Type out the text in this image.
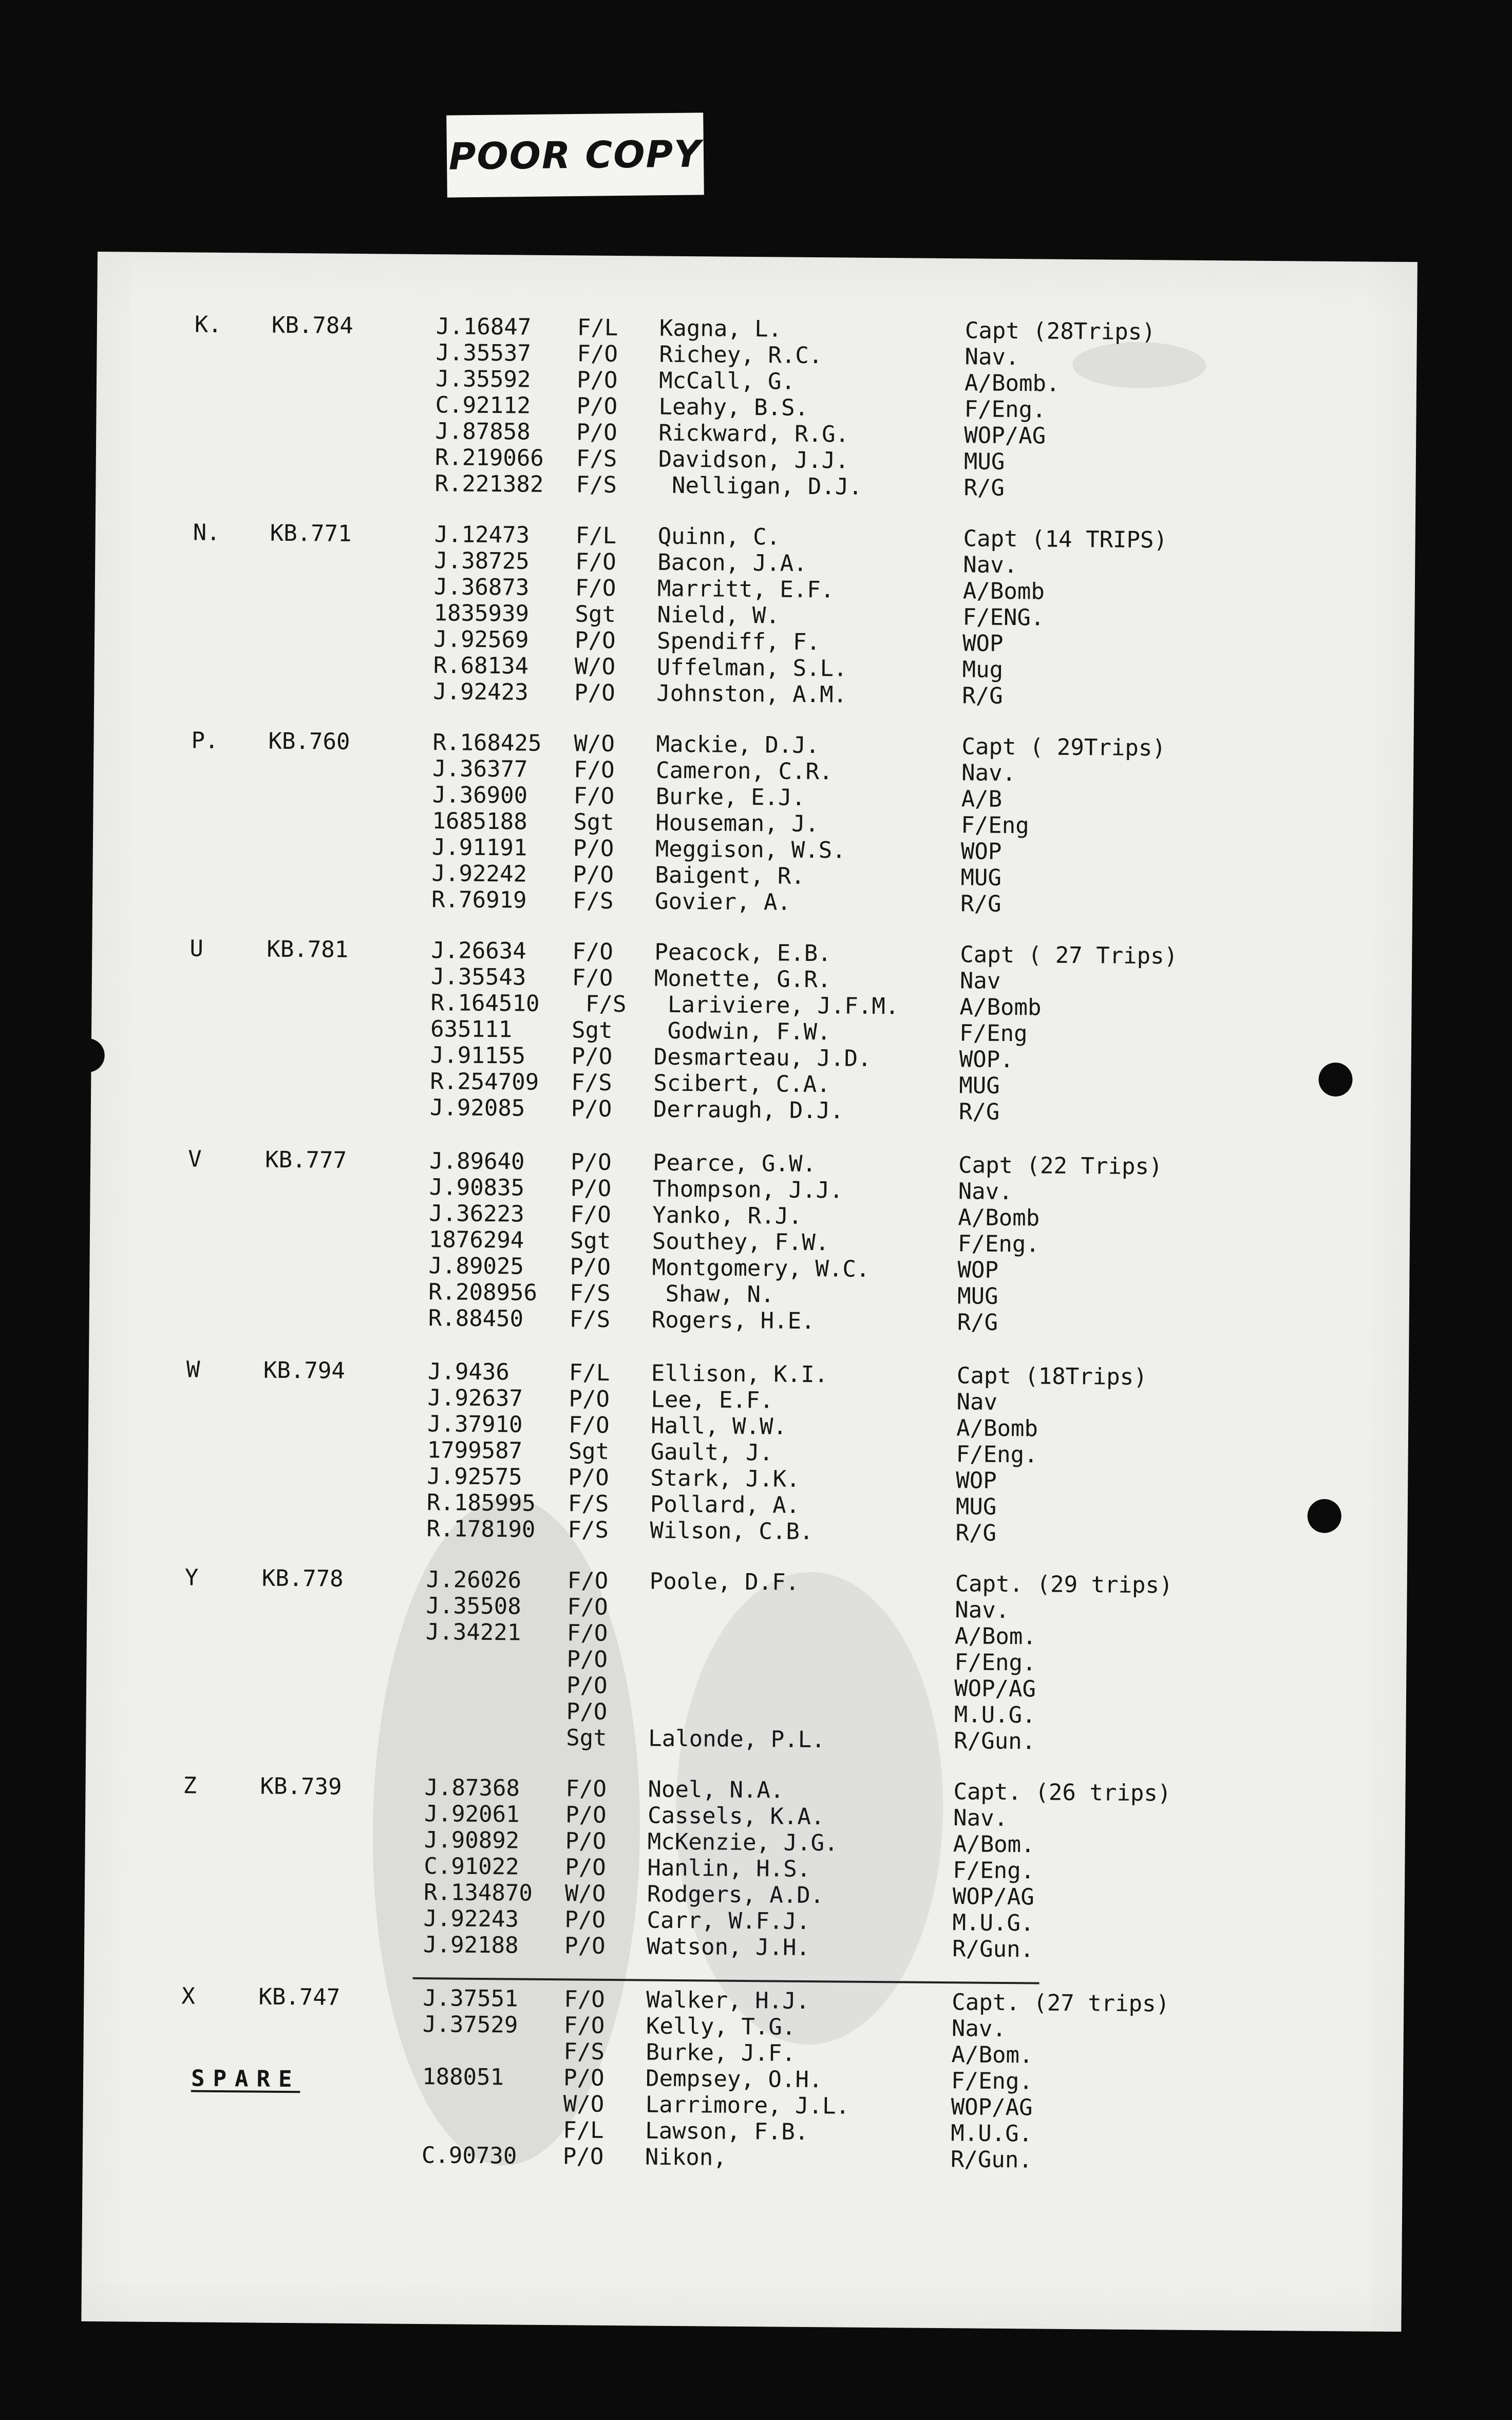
POOR COPY
K. KB.784	J.16847 F/L Kagna, L.	Capt (28Trips)
J.35537 F/O Richey, R.C.	Nav.
J.35592 P/O McCall, G.	A/Bomb.
C.92112 P/O Leahy, B.S.	F/Eng.
J.87858 P/O Rickward, R.G.	WOP/AG
R.219066 F/S Davidson, J.J.	MUG
R.221382 F/S Nelligan, D.J.	R/G
N. KB.771	J.12473 F/L Quinn, C.	Capt (14 TRIPS)
J.38725 F/O Bacon, J.A.	Nav.
J.36873 F/O Marritt, E.F.	A/Bomb
1835939 Sgt Nield, W.	F/ENG.
J.92569 P/O Spendiff, F.	WOP
R.68134 W/O Uffelman, S.L.	Mug
J.92423 P/O Johnston, A.M.	R/G
P. KB.760	R.168425 W/O Mackie, D.J.	Capt ( 29Trips)
J.36377 F/O Cameron, C.R.	Nav.
J.36900 F/O Burke, E.J.	A/B
1685188 Sgt Houseman, J.	F/Eng
J.91191 P/O Meggison, W.S.	WOP
J.92242 P/O Baigent, R.	MUG
R.76919 F/S Govier, A.	R/G
U	KB.781	J.26634 F/O Peacock, E.B.	Capt ( 27 Trips)
J.35543 F/O Monette, G.R.	Nav
R.164510 F/S Lariviere, J.F.M.	A/Bomb
635111	Sgt Godwin, F.W.	F/Eng
J.91155 P/O Desmarteau, J.D.	WOP.
R.254709 F/S Scibert, C.A.	MUG
J.92085 P/O Derraugh, D.J.	R/G
V	KB.777	J.89640 P/O Pearce, G.W.	Capt (22 Trips)
J.90835 P/O Thompson, J.J.	Nav.
J.36223 F/O Yanko, R.J.	A/Bomb
1876294 Sgt Southey, F.W.	F/Eng.
J.89025 P/O Montgomery, W.C.	WOP
R.208956 F/S Shaw, N.	MUG
R.88450 F/S Rogers, H.E.	R/G
W	KB.794	J.9436	F/L Ellison, K.I.	Capt (18Trips)
J.92637 P/O Lee, E.F.	Nav
J.37910 F/O Hall, W.W.	A/Bomb
1799587 Sgt Gault, J.	F/Eng.
J.92575 P/O Stark, J.K.	WOP
R.185995 F/S Pollard, A.	MUG
R.178190 F/S Wilson, C.B.	R/G
Y	KB.778	J.26026 F/O Poole, D.F.	Capt. (29 trips)
J.35508 F/O	Nav.
J.34221 F/O	A/Bom.
P/O	F/Eng.
P/O	WOP/AG
P/O	M.U.G.
Sgt Lalonde, P.L.	R/Gun.
Z	KB.739	J.87368 F/O Noel, N.A.	Capt. (26 trips)
J.92061 P/O Cassels, K.A.	Nav.
J.90892 P/O McKenzie, J.G.	A/Bom.
C.91022 P/O Hanlin, H.S.	F/Eng.
R.134870 W/O Rodgers, A.D.	WOP/AG
J.92243 P/O Carr, W.F.J.	M.U.G.
J.92188 P/O Watson, J.H.	R/Gun.
X	KB.747	J.37551 F/O Walker, H.J.	Capt. (27 trips)
J.37529 F/O Kelly, T.G.	Nav.
F/S Burke, J.F.	A/Bom.
188051	P/O Dempsey, O.H.	F/Eng.
W/O Larrimore, J.L.	WOP/AG
F/L Lawson, F.B.	M.U.G.
C.90730 P/O Nikon,	R/Gun.
SPARE
